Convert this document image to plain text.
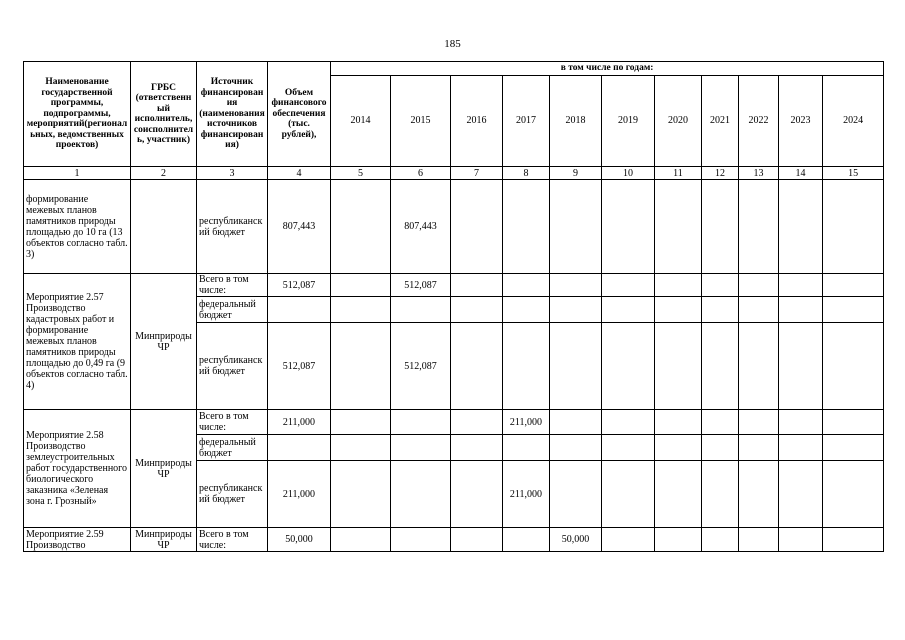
185
Наименование государственной программы, подпрограммы, мероприятий(региональных, ведомственных проектов)	ГРБС (ответственный исполнитель, соисполнитель, участник)	Источник финансирования (наименования источников финансирования)	Объем финансового обеспечения (тыс. рублей),	в том числе по годам:										
				2014	2015	2016	2017	2018	2019	2020	2021	2022	2023	2024
1	2	3	4	5	6	7	8	9	10	11	12	13	14	15
формирование межевых планов памятников природы площадью до 10 га (13 объектов согласно табл. 3)		республиканский бюджет	807,443		807,443									
Мероприятие 2.57 Производство кадастровых работ и формирование межевых планов памятников природы площадью до 0,49 га (9 объектов согласно табл. 4)	Минприроды ЧР	Всего в том числе:	512,087		512,087									
		федеральный бюджет												
		республиканский бюджет	512,087		512,087									
Мероприятие 2.58 Производство землеустроительных работ государственного биологического заказника «Зеленая зона г. Грозный»	Минприроды ЧР	Всего в том числе:	211,000				211,000							
		федеральный бюджет												
		республиканский бюджет	211,000				211,000							
Мероприятие 2.59 Производство	Минприроды ЧР	Всего в том числе:	50,000					50,000						
